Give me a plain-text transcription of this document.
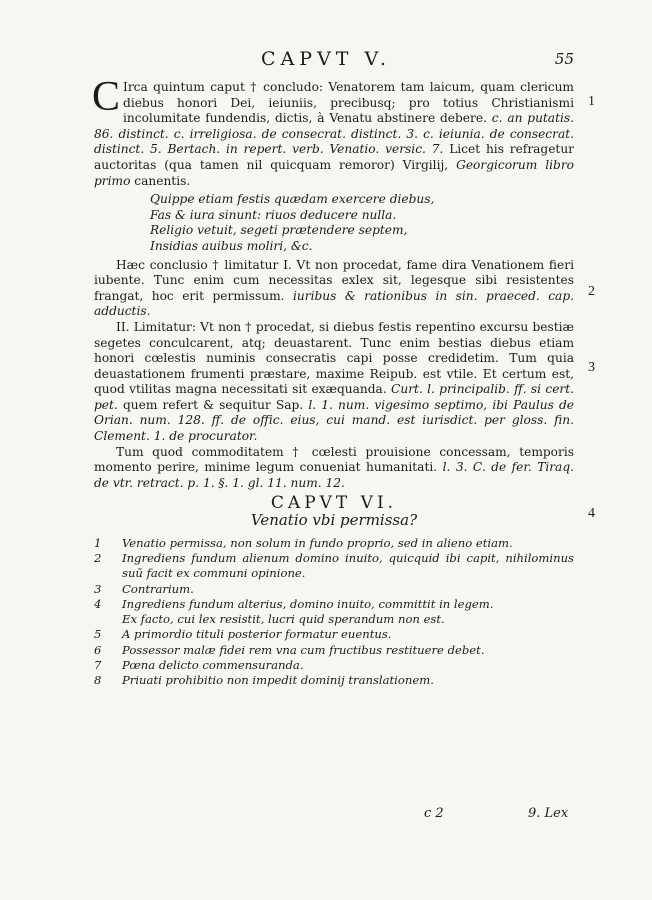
CAPVT V.	55
1
2
3
4

C Irca quintum caput † concludo: Venatorem tam laicum, quam clericum diebus honori Dei, ieiuniis, precibusq; pro totius Christianismi incolumitate fundendis, dictis, à Venatu abstinere debere. c. an putatis. 86. distinct. c. irreligiosa. de consecrat. distinct. 3. c. ieiunia. de consecrat. distinct. 5. Bertach. in repert. verb. Venatio. versic. 7. Licet his refragetur auctoritas (qua tamen nil quicquam remoror) Virgilij, Georgicorum libro primo canentis.

Quippe etiam festis quædam exercere diebus,
Fas & iura sinunt: riuos deducere nulla.
Religio vetuit, segeti prætendere septem,
Insidias auibus moliri, &c.

Hæc conclusio † limitatur I. Vt non procedat, fame dira Venationem fieri iubente. Tunc enim cum necessitas exlex sit, legesque sibi resistentes frangat, hoc erit permissum. iuribus & rationibus in sin. praeced. cap. adductis.

II. Limitatur: Vt non † procedat, si diebus festis repentino excursu bestiæ segetes conculcarent, atq; deuastarent. Tunc enim bestias diebus etiam honori cœlestis numinis consecratis capi posse credidetim. Tum quia deuastationem frumenti præstare, maxime Reipub. est vtile. Et certum est, quod vtilitas magna necessitati sit exæquanda. Curt. l. principalib. ff. si cert. pet. quem refert & sequitur Sap. l. 1. num. vigesimo septimo, ibi Paulus de Orian. num. 128. ff. de offic. eius, cui mand. est iurisdict. per gloss. fin. Clement. 1. de procurator.

Tum quod commoditatem † cœlesti prouisione concessam, temporis momento perire, minime legum conueniat humanitati. l. 3. C. de fer. Tiraq. de vtr. retract. p. 1. §. 1. gl. 11. num. 12.

CAPVT VI.
Venatio vbi permissa?
1 Venatio permissa, non solum in fundo proprio, sed in alieno etiam.
2 Ingrediens fundum alienum domino inuito, quicquid ibi capit, nihilominus suū facit ex communi opinione.
3 Contrarium.
4 Ingrediens fundum alterius, domino inuito, committit in legem.
Ex facto, cui lex resistit, lucri quid sperandum non est.
5 A primordio tituli posterior formatur euentus.
6 Possessor malæ fidei rem vna cum fructibus restituere debet.
7 Pœna delicto commensuranda.
8 Priuati prohibitio non impedit dominij translationem.
c 2	9. Lex
